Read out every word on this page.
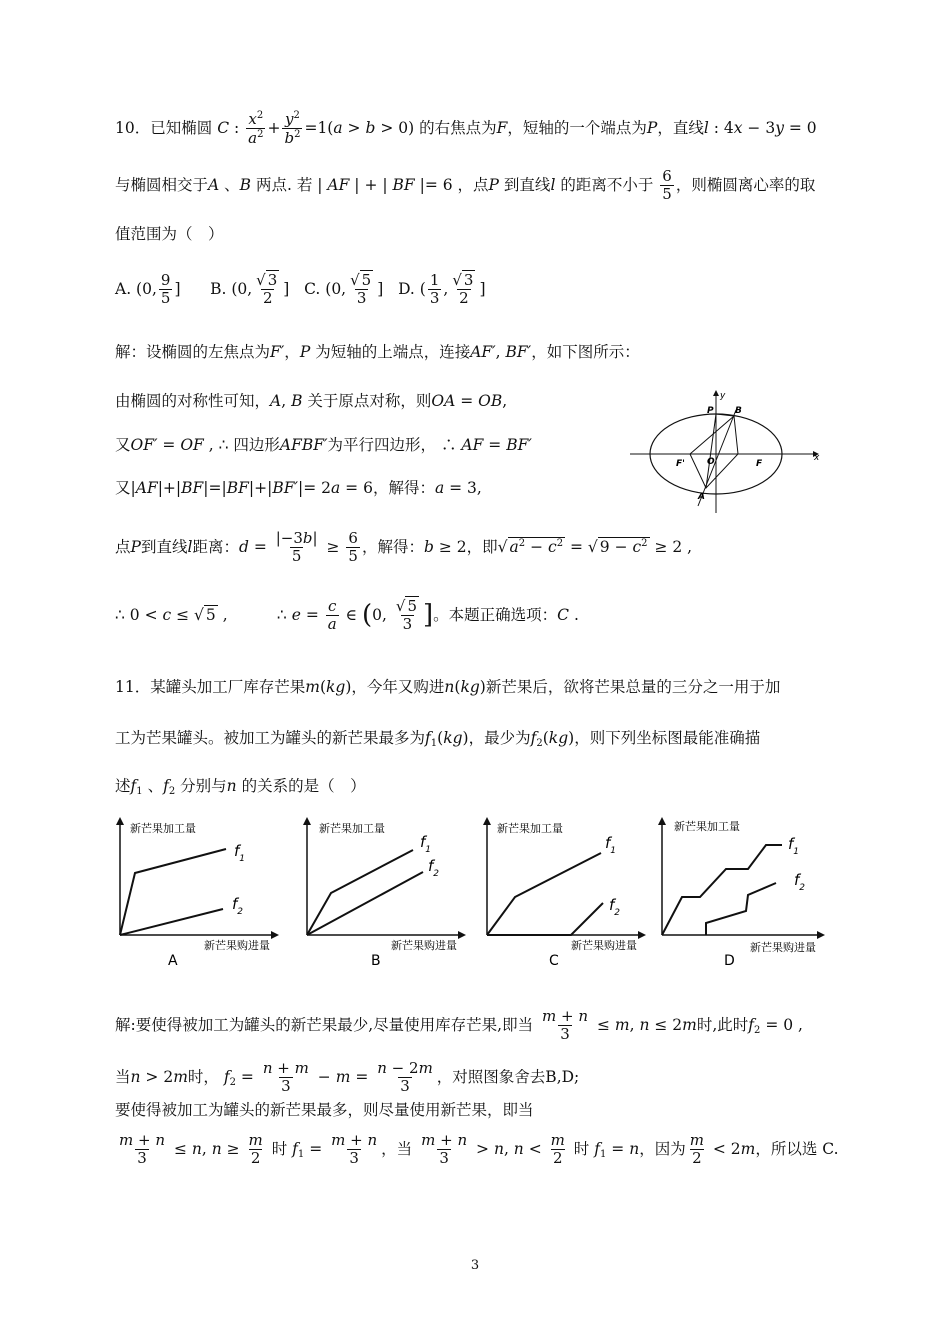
10．已知椭圆 C : $\frac{x^2}{a^2} + \frac{y^2}{b^2} =1(a > b > 0)$ 的右焦点为F，短轴的一个端点为P，直线l : 4x − 3y = 0
与椭圆相交于A 、B 两点. 若 | AF | + | BF |= 6 ，点P 到直线l 的距离不小于 $\frac{6}{5}$ ，则椭圆离心率的取
值范围为（　）
A. (0, $\frac{9}{5}$ ] B. (0, $\frac{√ 3}{2}$ ] C. (0, $\frac{√ 5}{3}$ ] D. ( $\frac{1}{3}$ , $\frac{√ 3}{2}$ ]
解：设椭圆的左焦点为F′，P 为短轴的上端点，连接AF′, BF′，如下图所示：
由椭圆的对称性可知，A, B 关于原点对称，则OA = OB,
又OF′ = OF , ∴ 四边形AFBF′为平行四边形， ∴ AF = BF′
又|AF|+|BF|=|BF|+|BF′|= 2a = 6，解得：a = 3,
点P到直线l距离：$d = \frac{|-3b|}{5} \ge \frac{6}{5}$ ，解得：b ≥ 2，即√ $a^2 - c^2$ = √ $9 - c^2 \ge 2$ ,
∴ 0 < c ≤ √ 5 ,          ∴ $e = \frac{c}{a}$ ∈ (0, $\frac{√ 5}{3}$ ]。本题正确选项：C .
y
x
P B
A
F' O	F
11．某罐头加工厂库存芒果m(kg)，今年又购进n(kg)新芒果后，欲将芒果总量的三分之一用于加
工为芒果罐头。被加工为罐头的新芒果最多为$f_1(kg)$，最少为$f_2(kg)$，则下列坐标图最能准确描
述$f_1$ 、$f_2$ 分别与n 的关系的是（　）
新芒果加工量
新芒果购进量
$f_1$
$f_2$
A
新芒果加工量
新芒果购进量
$f_1$
$f_2$
B
新芒果加工量
新芒果购进量
$f_1$
$f_2$
C
新芒果加工量
新芒果购进量
$f_1$
$f_2$
D
解:要使得被加工为罐头的新芒果最少,尽量使用库存芒果,即当 $\frac{m + n}{3} \le m$, n ≤ 2m时,此时$f_2 = 0$ ,
当n > 2m时， $f_2 = \frac{n + m}{3} - m = \frac{n - 2m}{3}$ ，对照图象舍去B,D;
要使得被加工为罐头的新芒果最多，则尽量使用新芒果，即当
$\frac{m + n}{3} \le n$, $n \ge \frac{m}{2}$ 时 $f_1 = \frac{m + n}{3}$ ，当 $\frac{m + n}{3} > n$, $n < \frac{m}{2}$ 时 $f_1 = n$，因为 $\frac{m}{2} < 2m$，所以选 C.
3
